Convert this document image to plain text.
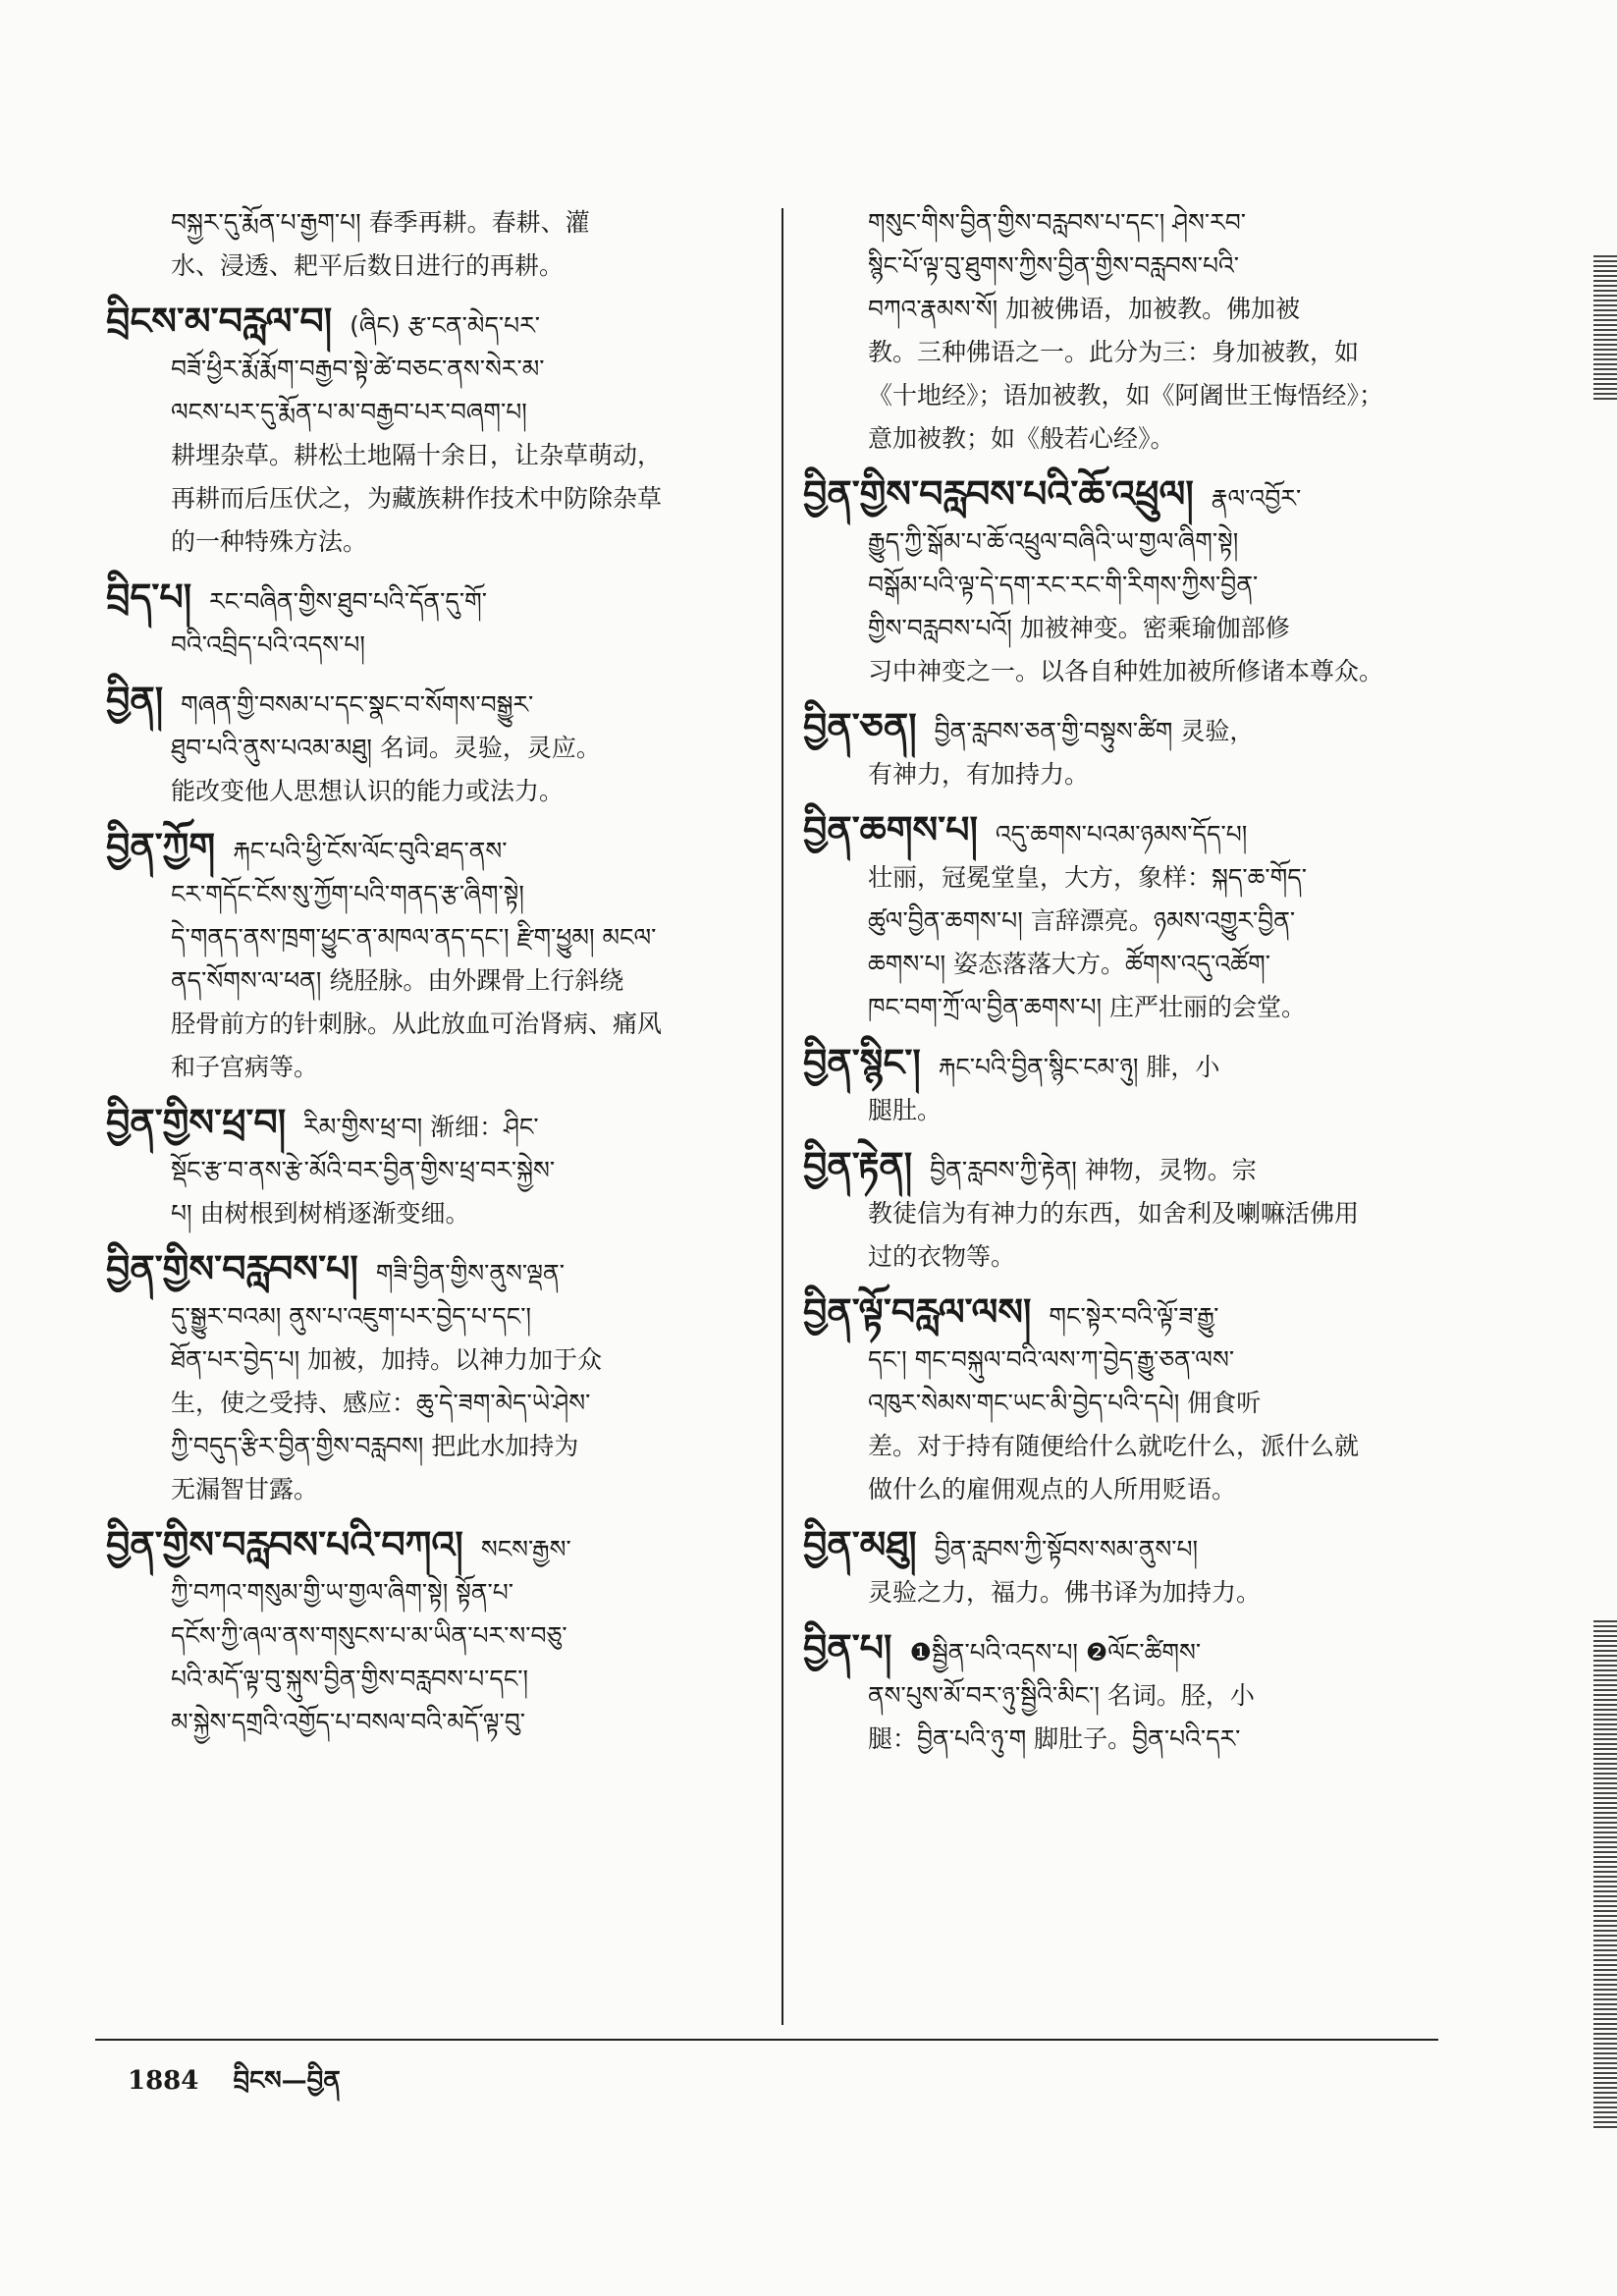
བསྐྱར་དུ་རྨོན་པ་རྒྱག་པ། 春季再耕。春耕、灌
水、浸透、耙平后数日进行的再耕。
བྲིངས་མ་བརླལ་བ། (ཞིང) རྩ་ངན་མེད་པར་
བཟོ་ཕྱིར་རྨོ་རྨོག་བརྒྱབ་སྟེ་ཚེ་བཅང་ནས་སེར་མ་
ལངས་པར་དུ་རྨོན་པ་མ་བརྒྱབ་པར་བཞག་པ།
耕埋杂草。耕松土地隔十余日，让杂草萌动，
再耕而后压伏之，为藏族耕作技术中防除杂草
的一种特殊方法。
བྲིད་པ། རང་བཞིན་གྱིས་ཐུབ་པའི་དོན་དུ་གོ་
བའི་འབྲིད་པའི་འདས་པ།
བྱིན། གཞན་གྱི་བསམ་པ་དང་སྣང་བ་སོགས་བསྒྱུར་
ཐུབ་པའི་ནུས་པའམ་མཐུ། 名词。灵验，灵应。
能改变他人思想认识的能力或法力。
བྱིན་ཀྱོག རྐང་པའི་ཕྱི་ངོས་ལོང་བུའི་ཐད་ནས་
ངར་གདོང་ངོས་སུ་ཀྱོག་པའི་གནད་རྩ་ཞིག་སྟེ།
དེ་གནད་ནས་ཁྲག་ཕྱུང་ན་མཁལ་ནད་དང་། རྫིག་ཕྱུམ། མངལ་
ནད་སོགས་ལ་ཕན། 绕胫脉。由外踝骨上行斜绕
胫骨前方的针刺脉。从此放血可治肾病、痛风
和子宫病等。
བྱིན་གྱིས་ཕྲ་བ། རིམ་གྱིས་ཕྲ་བ། 渐细：ཤིང་
སྡོང་རྩ་བ་ནས་རྩེ་མོའི་བར་བྱིན་གྱིས་ཕྲ་བར་སྐྱེས་
པ། 由树根到树梢逐渐变细。
བྱིན་གྱིས་བརླབས་པ། གཟི་བྱིན་གྱིས་ནུས་ལྡན་
དུ་སྒྱུར་བའམ། ནུས་པ་འཇུག་པར་བྱེད་པ་དང་།
ཐོན་པར་བྱེད་པ། 加被，加持。以神力加于众
生，使之受持、感应：ཆུ་དེ་ཟག་མེད་ཡེ་ཤེས་
ཀྱི་བདུད་རྩིར་བྱིན་གྱིས་བརླབས། 把此水加持为
无漏智甘露。
བྱིན་གྱིས་བརླབས་པའི་བཀའ། སངས་རྒྱས་
ཀྱི་བཀའ་གསུམ་གྱི་ཡ་གྱལ་ཞིག་སྟེ། སྟོན་པ་
དངོས་ཀྱི་ཞལ་ནས་གསུངས་པ་མ་ཡིན་པར་ས་བཅུ་
པའི་མདོ་ལྟ་བུ་སྐུས་བྱིན་གྱིས་བརླབས་པ་དང་།
མ་སྐྱེས་དགྲའི་འགྱོད་པ་བསལ་བའི་མདོ་ལྟ་བུ་
གསུང་གིས་བྱིན་གྱིས་བརླབས་པ་དང་། ཤེས་རབ་
སྙིང་པོ་ལྟ་བུ་ཐུགས་ཀྱིས་བྱིན་གྱིས་བརླབས་པའི་
བཀའ་རྣམས་སོ། 加被佛语，加被教。佛加被
教。三种佛语之一。此分为三：身加被教，如
《十地经》；语加被教，如《阿阇世王悔悟经》；
意加被教；如《般若心经》。
བྱིན་གྱིས་བརླབས་པའི་ཆོ་འཕྲུལ། རྣལ་འབྱོར་
རྒྱུད་ཀྱི་སྒོམ་པ་ཆོ་འཕྲུལ་བཞིའི་ཡ་གྱལ་ཞིག་སྟེ།
བསྒོམ་པའི་ལྟ་དེ་དག་རང་རང་གི་རིགས་ཀྱིས་བྱིན་
གྱིས་བརླབས་པའོ། 加被神变。密乘瑜伽部修
习中神变之一。以各自种姓加被所修诸本尊众。
བྱིན་ཅན། བྱིན་རླབས་ཅན་གྱི་བསྟུས་ཚིག 灵验，
有神力，有加持力。
བྱིན་ཆགས་པ། འདུ་ཆགས་པའམ་ཉམས་དོད་པ།
壮丽，冠冕堂皇，大方，象样：སྐད་ཆ་གོད་
ཚུལ་བྱིན་ཆགས་པ། 言辞漂亮。ཉམས་འགྱུར་བྱིན་
ཆགས་པ། 姿态落落大方。ཚོགས་འདུ་འཚོག་
ཁང་བག་ཀྲོ་ལ་བྱིན་ཆགས་པ། 庄严壮丽的会堂。
བྱིན་སྙིང་། རྐང་པའི་བྱིན་སྙིང་ངམ་ཉུ། 腓，小
腿肚。
བྱིན་རྟེན། བྱིན་རླབས་ཀྱི་རྟེན། 神物，灵物。宗
教徒信为有神力的东西，如舍利及喇嘛活佛用
过的衣物等。
བྱིན་ལྟོ་བརླལ་ལས། གང་སྟེར་བའི་ལྟོ་ཟ་རྒྱུ་
དང་། གང་བསྐུལ་བའི་ལས་ཀ་བྱེད་རྒྱུ་ཅན་ལས་
འཁུར་སེམས་གང་ཡང་མི་བྱེད་པའི་དཔེ། 佣食听
差。对于持有随便给什么就吃什么，派什么就
做什么的雇佣观点的人所用贬语。
བྱིན་མཐུ། བྱིན་རླབས་ཀྱི་སྟོབས་སམ་ནུས་པ།
灵验之力，福力。佛书译为加持力。
བྱིན་པ། ❶སྦྱིན་པའི་འདས་པ། ❷ལོང་ཚིགས་
ནས་པུས་མོ་བར་ཉུ་སྦྱིའི་མིང་། 名词。胫，小
腿：བྱིན་པའི་ཉུ་ག 脚肚子。བྱིན་པའི་དར་
1884 བྲིངས—བྱིན
